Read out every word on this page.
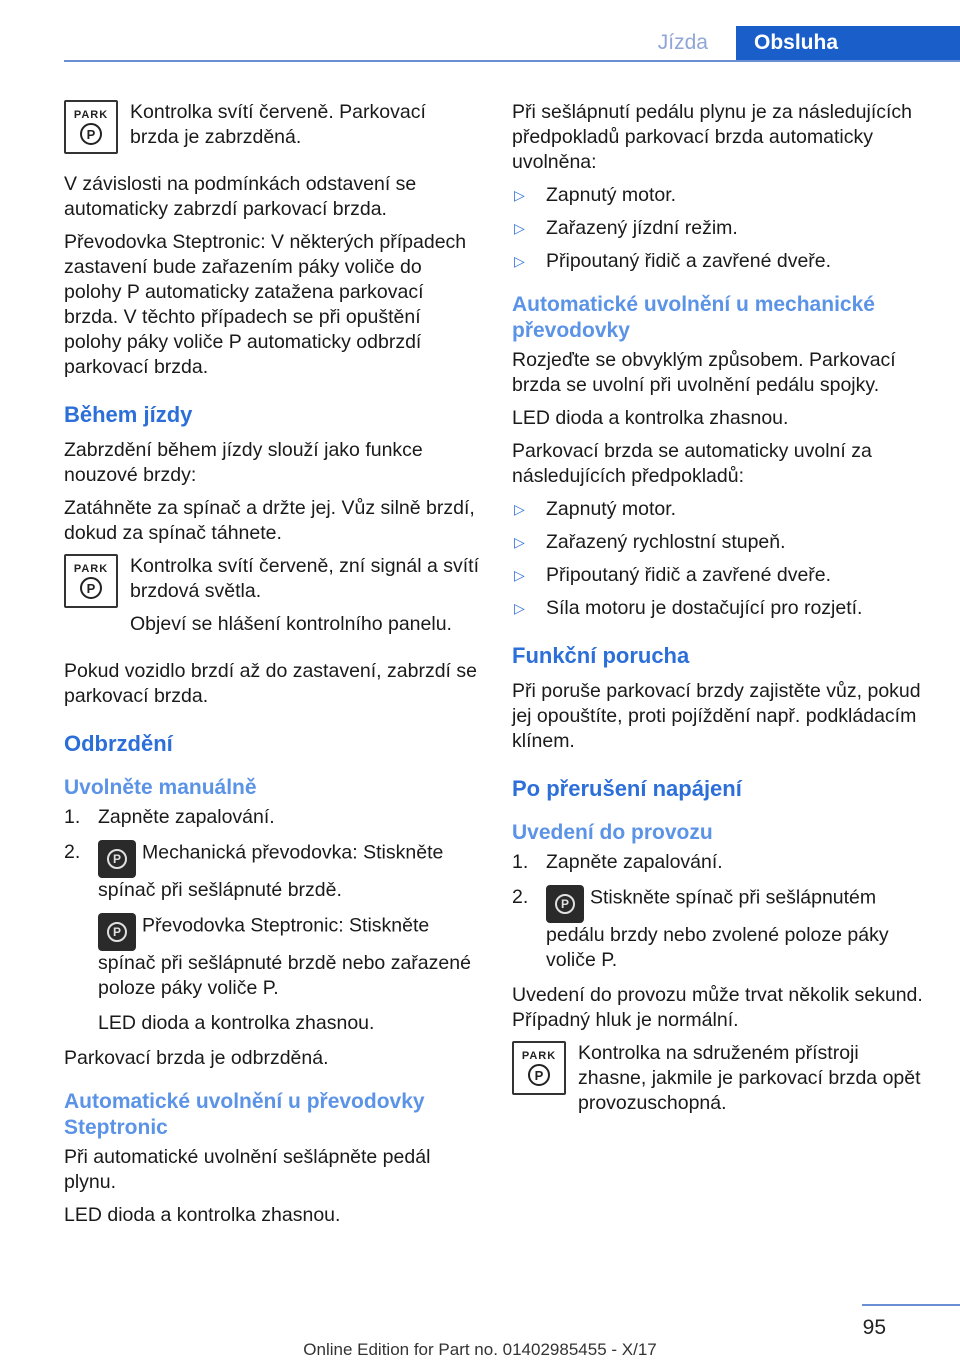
Jízda	Obsluha
PARK
P

Kontrolka svítí červeně. Parkovací brzda je zabrzděná.

V závislosti na podmínkách odstavení se automaticky zabrzdí parkovací brzda.

Převodovka Steptronic: V některých případech zastavení bude zařazením páky voliče do polohy P automaticky zatažena parkovací brzda. V těchto případech se při opuštění polohy páky voliče P automaticky odbrzdí parkovací brzda.

Během jízdy

Zabrzdění během jízdy slouží jako funkce nouzové brzdy:

Zatáhněte za spínač a držte jej. Vůz silně brzdí, dokud za spínač táhnete.

PARK
P

Kontrolka svítí červeně, zní signál a svítí brzdová světla.

Objeví se hlášení kontrolního panelu.

Pokud vozidlo brzdí až do zastavení, zabrzdí se parkovací brzda.

Odbrzdění
Uvolněte manuálně
1. Zapněte zapalování.
2.	P	Mechanická převodovka: Stiskněte spínač při sešlápnuté brzdě.
P	Převodovka Steptronic: Stiskněte spínač při sešlápnuté brzdě nebo zařazené poloze páky voliče P.
LED dioda a kontrolka zhasnou.

Parkovací brzda je odbrzděná.

Automatické uvolnění u převodovky Steptronic

Při automatické uvolnění sešlápněte pedál plynu.

LED dioda a kontrolka zhasnou.

Při sešlápnutí pedálu plynu je za následujících předpokladů parkovací brzda automaticky uvolněna:

▷ Zapnutý motor.
▷ Zařazený jízdní režim.
▷ Připoutaný řidič a zavřené dveře.
Automatické uvolnění u mechanické převodovky

Rozjeďte se obvyklým způsobem. Parkovací brzda se uvolní při uvolnění pedálu spojky.

LED dioda a kontrolka zhasnou.

Parkovací brzda se automaticky uvolní za následujících předpokladů:

▷ Zapnutý motor.
▷ Zařazený rychlostní stupeň.
▷ Připoutaný řidič a zavřené dveře.
▷ Síla motoru je dostačující pro rozjetí.
Funkční porucha

Při poruše parkovací brzdy zajistěte vůz, pokud jej opouštíte, proti pojíždění např. podkládacím klínem.

Po přerušení napájení
Uvedení do provozu
1. Zapněte zapalování.
2.	P	Stiskněte spínač při sešlápnutém pedálu brzdy nebo zvolené poloze páky voliče P.

Uvedení do provozu může trvat několik sekund. Případný hluk je normální.

PARK
P

Kontrolka na sdruženém přístroji zhasne, jakmile je parkovací brzda opět provozuschopná.

95
Online Edition for Part no. 01402985455 - X/17
